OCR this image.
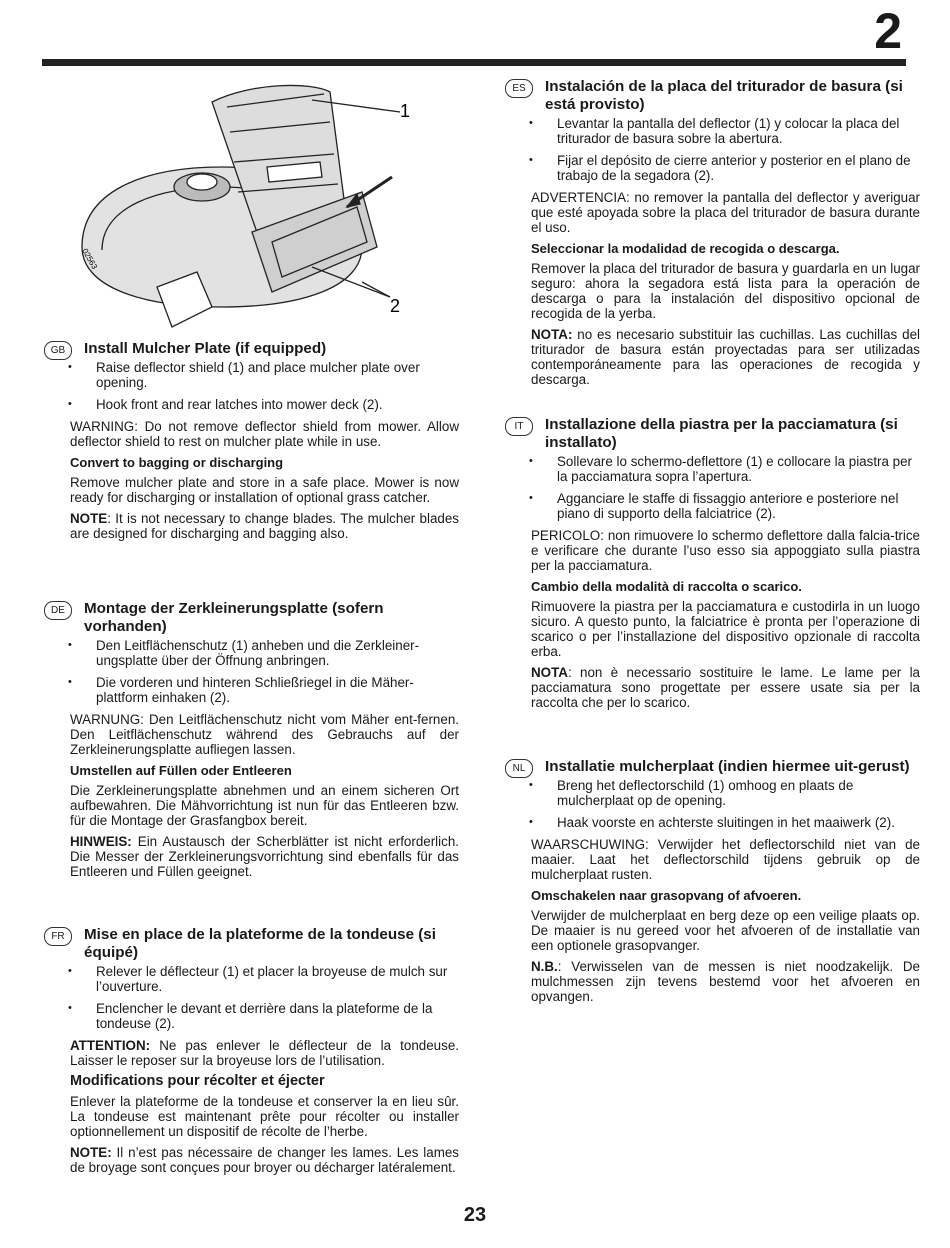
2
1
2
02563
GB	Install Mulcher Plate (if equipped)
• Raise deflector shield (1) and place mulcher plate over opening.
• Hook front and rear latches into mower deck (2).

WARNING: Do not remove deflector shield from mower. Allow deflector shield to rest on mulcher plate while in use.

Convert to bagging or discharging

Remove mulcher plate and store in a safe place. Mower is now ready for discharging or installation of optional grass catcher.

NOTE: It is not necessary to change blades. The mulcher blades are designed for discharging and bagging also.

DE	Montage der Zerkleinerungsplatte (sofern vorhanden)
• Den Leitflächenschutz (1) anheben und die Zerkleiner-ungsplatte über der Öffnung anbringen.
• Die vorderen und hinteren Schließriegel in die Mäher-plattform einhaken (2).

WARNUNG: Den Leitflächenschutz nicht vom Mäher ent-fernen. Den Leitflächenschutz während des Gebrauchs auf der Zerkleinerungsplatte aufliegen lassen.

Umstellen auf Füllen oder Entleeren

Die Zerkleinerungsplatte abnehmen und an einem sicheren Ort aufbewahren. Die Mähvorrichtung ist nun für das Entleeren bzw. für die Montage der Grasfangbox bereit.

HINWEIS: Ein Austausch der Scherblätter ist nicht erforderlich. Die Messer der Zerkleinerungsvorrichtung sind ebenfalls für das Entleeren und Füllen geeignet.

FR	Mise en place de la plateforme de la tondeuse (si équipé)
• Relever le déflecteur (1) et placer la broyeuse de mulch sur l’ouverture.
• Enclencher le devant et derrière dans la plateforme de la tondeuse (2).

ATTENTION: Ne pas enlever le déflecteur de la tondeuse. Laisser le reposer sur la broyeuse lors de l’utilisation.

Modifications pour récolter et éjecter

Enlever la plateforme de la tondeuse et conserver la en lieu sûr. La tondeuse est maintenant prête pour récolter ou installer optionnellement un dispositif de récolte de l’herbe.

NOTE: Il n’est pas nécessaire de changer les lames. Les lames de broyage sont conçues pour broyer ou décharger latéralement.

ES	Instalación de la placa del triturador de basura (si está provisto)
• Levantar la pantalla del deflector (1) y colocar la placa del triturador de basura sobre la abertura.
• Fijar el depósito de cierre anterior y posterior en el plano de trabajo de la segadora (2).

ADVERTENCIA: no remover la pantalla del deflector y averiguar que esté apoyada sobre la placa del triturador de basura durante el uso.

Seleccionar la modalidad de recogida o descarga.

Remover la placa del triturador de basura y guardarla en un lugar seguro: ahora la segadora está lista para la operación de descarga o para la instalación del dispositivo opcional de recogida de la yerba.

NOTA: no es necesario substituir las cuchillas. Las cuchillas del triturador de basura están proyectadas para ser utilizadas contemporáneamente para las operaciones de recogida y descarga.

IT	Installazione della piastra per la pacciamatura (si installato)
• Sollevare lo schermo-deflettore (1) e collocare la piastra per la pacciamatura sopra l’apertura.
• Agganciare le staffe di fissaggio anteriore e posteriore nel piano di supporto della falciatrice (2).

PERICOLO: non rimuovere lo schermo deflettore dalla falcia-trice e verificare che durante l’uso esso sia appoggiato sulla piastra per la pacciamatura.

Cambio della modalità di raccolta o scarico.

Rimuovere la piastra per la pacciamatura e custodirla in un luogo sicuro. A questo punto, la falciatrice è pronta per l’operazione di scarico o per l’installazione del dispositivo opzionale di raccolta erba.

NOTA: non è necessario sostituire le lame. Le lame per la pacciamatura sono progettate per essere usate sia per la raccolta che per lo scarico.

NL	Installatie mulcherplaat (indien hiermee uit-gerust)
• Breng het deflectorschild (1) omhoog en plaats de mulcherplaat op de opening.
• Haak voorste en achterste sluitingen in het maaiwerk (2).

WAARSCHUWING: Verwijder het deflectorschild niet van de maaier. Laat het deflectorschild tijdens gebruik op de mulcherplaat rusten.

Omschakelen naar grasopvang of afvoeren.

Verwijder de mulcherplaat en berg deze op een veilige plaats op. De maaier is nu gereed voor het afvoeren of de installatie van een optionele grasopvanger.

N.B.: Verwisselen van de messen is niet noodzakelijk. De mulchmessen zijn tevens bestemd voor het afvoeren en opvangen.

23
